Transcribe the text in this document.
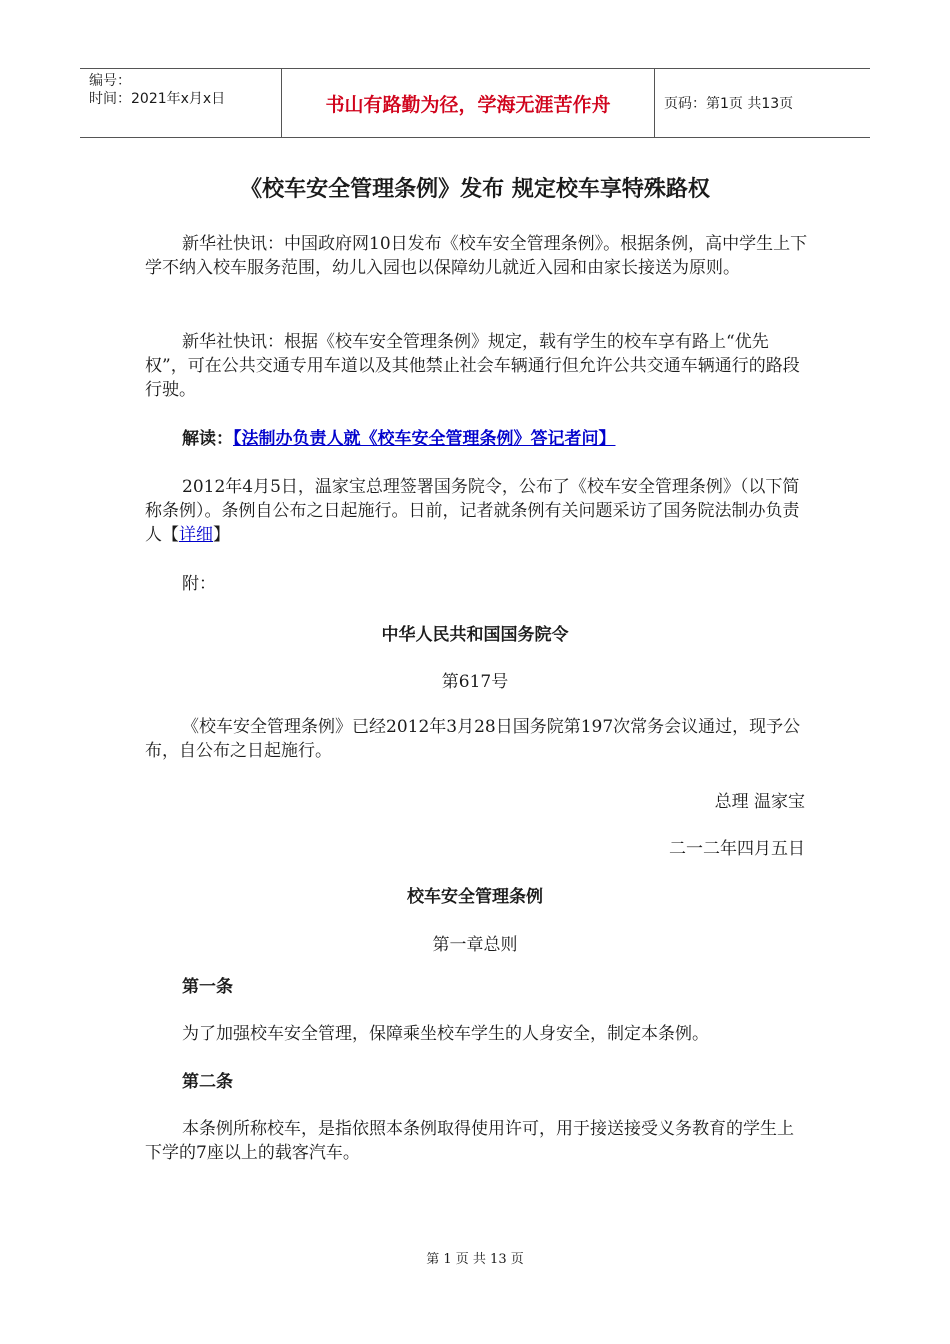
编号：
时间：2021年x月x日	书山有路勤为径，学海无涯苦作舟	页码：第1页 共13页
《校车安全管理条例》发布 规定校车享特殊路权

新华社快讯：中国政府网10日发布《校车安全管理条例》。根据条例，高中学生上下学不纳入校车服务范围，幼儿入园也以保障幼儿就近入园和由家长接送为原则。

新华社快讯：根据《校车安全管理条例》规定，载有学生的校车享有路上“优先权”，可在公共交通专用车道以及其他禁止社会车辆通行但允许公共交通车辆通行的路段行驶。

解读：【法制办负责人就《校车安全管理条例》答记者问】

2012年4月5日，温家宝总理签署国务院令，公布了《校车安全管理条例》（以下简称条例）。条例自公布之日起施行。日前，记者就条例有关问题采访了国务院法制办负责人【详细】

附：

中华人民共和国国务院令
第617号

《校车安全管理条例》已经2012年3月28日国务院第197次常务会议通过，现予公布，自公布之日起施行。

总理 温家宝
二一二年四月五日
校车安全管理条例
第一章总则

第一条

为了加强校车安全管理，保障乘坐校车学生的人身安全，制定本条例。

第二条

本条例所称校车，是指依照本条例取得使用许可，用于接送接受义务教育的学生上下学的7座以上的载客汽车。

第 1 页 共 13 页
